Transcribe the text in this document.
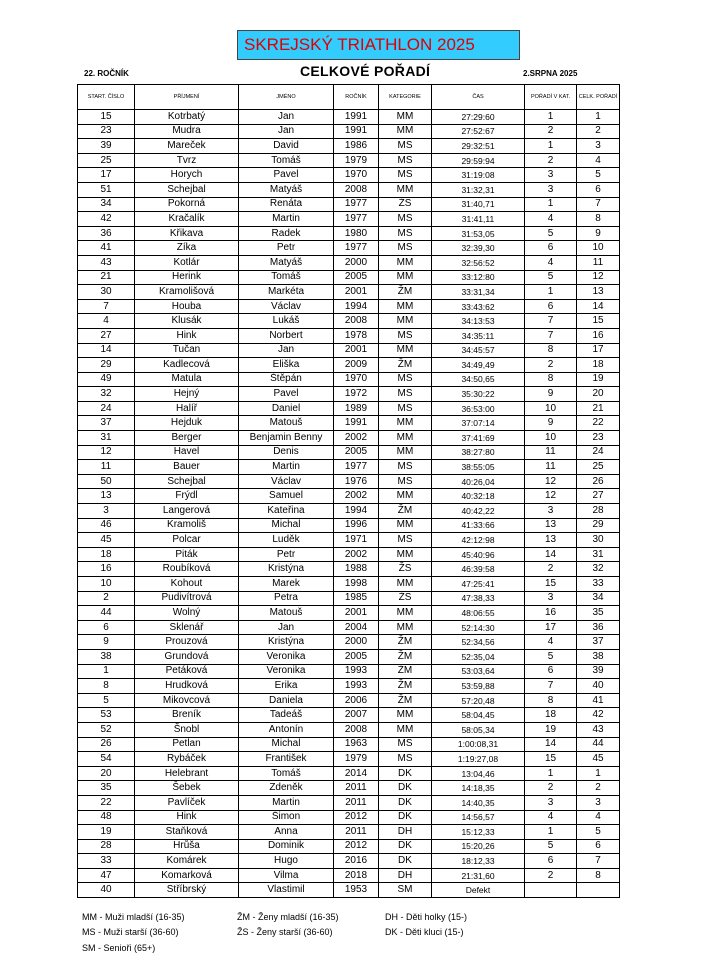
SKREJSKÝ TRIATHLON 2025
22. ROČNÍK	CELKOVÉ POŘADÍ	2.SRPNA 2025
START. ČÍSLO	PŘÍJMENÍ	JMÉNO	ROČNÍK	KATEGORIE	ČAS	POŘADÍ V KAT.	CELK. POŘADÍ
15	Kotrbatý	Jan	1991	MM	27:29:60	1	1
23	Mudra	Jan	1991	MM	27:52:67	2	2
39	Mareček	David	1986	MS	29:32:51	1	3
25	Tvrz	Tomáš	1979	MS	29:59:94	2	4
17	Horych	Pavel	1970	MS	31:19:08	3	5
51	Schejbal	Matyáš	2008	MM	31:32,31	3	6
34	Pokorná	Renáta	1977	ŽS	31:40,71	1	7
42	Kračalík	Martin	1977	MS	31:41,11	4	8
36	Křikava	Radek	1980	MS	31:53,05	5	9
41	Zíka	Petr	1977	MS	32:39,30	6	10
43	Kotlár	Matyáš	2000	MM	32:56:52	4	11
21	Herink	Tomáš	2005	MM	33:12:80	5	12
30	Kramolišová	Markéta	2001	ŽM	33:31,34	1	13
7	Houba	Václav	1994	MM	33:43:62	6	14
4	Klusák	Lukáš	2008	MM	34:13:53	7	15
27	Hink	Norbert	1978	MS	34:35:11	7	16
14	Tučan	Jan	2001	MM	34:45:57	8	17
29	Kadlecová	Eliška	2009	ŽM	34:49,49	2	18
49	Matula	Štěpán	1970	MS	34:50,65	8	19
32	Hejný	Pavel	1972	MS	35:30:22	9	20
24	Halíř	Daniel	1989	MS	36:53:00	10	21
37	Hejduk	Matouš	1991	MM	37:07:14	9	22
31	Berger	Benjamin Benny	2002	MM	37:41:69	10	23
12	Havel	Denis	2005	MM	38:27:80	11	24
11	Bauer	Martin	1977	MS	38:55:05	11	25
50	Schejbal	Václav	1976	MS	40:26,04	12	26
13	Frýdl	Samuel	2002	MM	40:32:18	12	27
3	Langerová	Kateřina	1994	ŽM	40:42,22	3	28
46	Kramoliš	Michal	1996	MM	41:33:66	13	29
45	Polcar	Luděk	1971	MS	42:12:98	13	30
18	Piták	Petr	2002	MM	45:40:96	14	31
16	Roubíková	Kristýna	1988	ŽS	46:39:58	2	32
10	Kohout	Marek	1998	MM	47:25:41	15	33
2	Pudivítrová	Petra	1985	ŽS	47:38,33	3	34
44	Wolný	Matouš	2001	MM	48:06:55	16	35
6	Sklenář	Jan	2004	MM	52:14:30	17	36
9	Prouzová	Kristýna	2000	ŽM	52:34,56	4	37
38	Grundová	Veronika	2005	ŽM	52:35,04	5	38
1	Petáková	Veronika	1993	ŽM	53:03,64	6	39
8	Hrudková	Erika	1993	ŽM	53:59,88	7	40
5	Mikovcová	Daniela	2006	ŽM	57:20,48	8	41
53	Breník	Tadeáš	2007	MM	58:04,45	18	42
52	Šnobl	Antonín	2008	MM	58:05,34	19	43
26	Petlan	Michal	1963	MS	1:00:08,31	14	44
54	Rybáček	František	1979	MS	1:19:27,08	15	45
20	Helebrant	Tomáš	2014	DK	13:04,46	1	1
35	Šebek	Zdeněk	2011	DK	14:18,35	2	2
22	Pavlíček	Martin	2011	DK	14:40,35	3	3
48	Hink	Šimon	2012	DK	14:56,57	4	4
19	Staňková	Anna	2011	DH	15:12,33	1	5
28	Hrůša	Dominik	2012	DK	15:20,26	5	6
33	Komárek	Hugo	2016	DK	18:12,33	6	7
47	Komarková	Vilma	2018	DH	21:31,60	2	8
40	Stříbrský	Vlastimil	1953	SM	Defekt		
MM - Muži mladší (16-35)
MS - Muži starší (36-60)
SM - Senioři (65+)
ŽM - Ženy mladší (16-35)
ŽS - Ženy starší (36-60)
DH - Děti holky (15-)
DK - Děti kluci (15-)
